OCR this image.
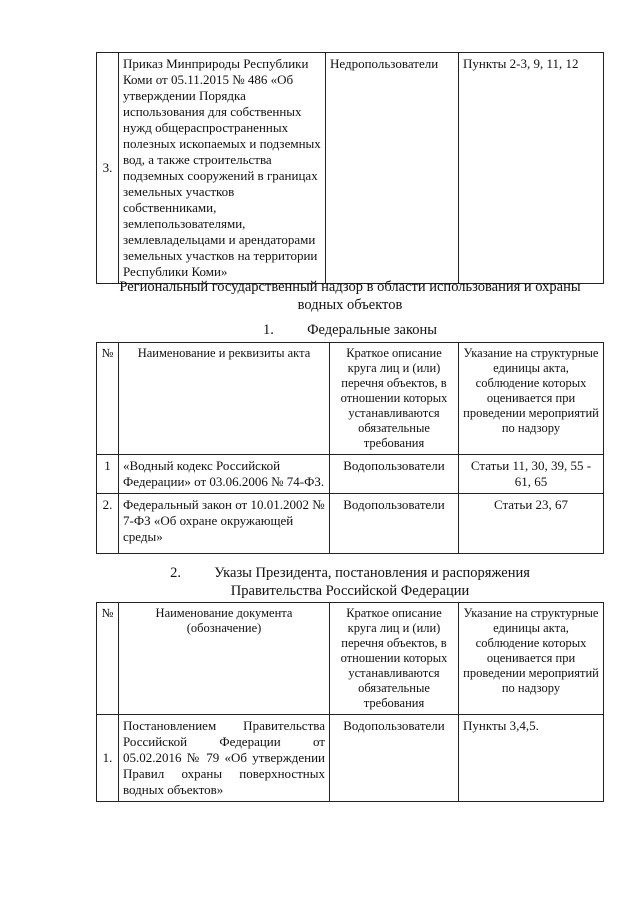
3.	Приказ Минприроды Республики Коми от 05.11.2015 № 486 «Об утверждении Порядка использования для собственных нужд общераспространенных полезных ископаемых и подземных вод, а также строительства подземных сооружений в границах земельных участков собственниками, землепользователями, землевладельцами и арендаторами земельных участков на территории Республики Коми»	Недропользователи	Пункты 2-3, 9, 11, 12
Региональный государственный надзор в области использования и охраны водных объектов
1. Федеральные законы
№	Наименование и реквизиты акта	Краткое описание круга лиц и (или) перечня объектов, в отношении которых устанавливаются обязательные требования	Указание на структурные единицы акта, соблюдение которых оценивается при проведении мероприятий по надзору
1	«Водный кодекс Российской Федерации» от 03.06.2006 № 74-ФЗ.	Водопользователи	Статьи 11, 30, 39, 55 - 61, 65
2.	Федеральный закон от 10.01.2002 № 7-ФЗ «Об охране окружающей среды»	Водопользователи	Статьи 23, 67
2. Указы Президента, постановления и распоряжения
Правительства Российской Федерации
№	Наименование документа (обозначение)	Краткое описание круга лиц и (или) перечня объектов, в отношении которых устанавливаются обязательные требования	Указание на структурные единицы акта, соблюдение которых оценивается при проведении мероприятий по надзору
1.	Постановлением Правительства Российской Федерации от 05.02.2016 № 79 «Об утверждении Правил охраны поверхностных водных объектов»	Водопользователи	Пункты 3,4,5.
